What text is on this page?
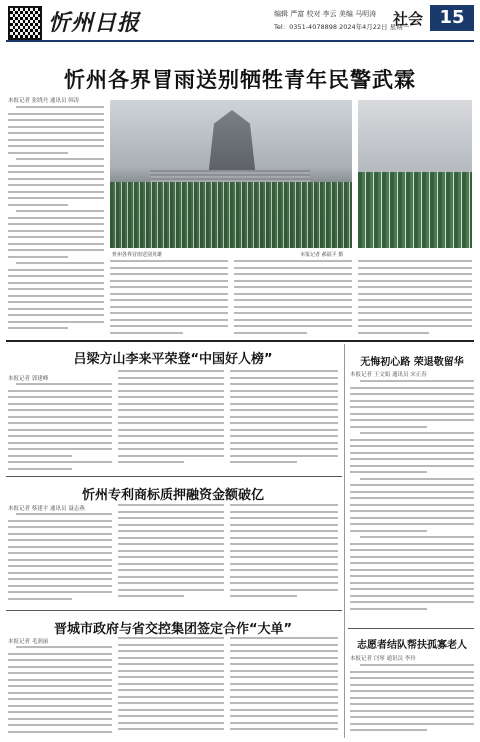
忻州日报	编辑 严富 校对 李云 美编 马明涛
Tel：0351-4078898 2024年4月22日 星期一
社会 15
忻州各界冒雨送别牺牲青年民警武霖
本报记者 张晓丹 通讯员 韩涛
忻州各界冒雨送别英雄	本报记者 郝福平 摄
吕梁方山李来平荣登“中国好人榜”
本报记者 郭建峰
无悔初心路 荣退敬留华
本报记者 王文娟 通讯员 宋正春
志愿者结队帮扶孤寡老人
本报记者 闫琴 通讯员 李玲
忻州专利商标质押融资金额破亿
本报记者 蔡建平 通讯员 聂志燕
晋城市政府与省交控集团签定合作“大单”
本报记者 毛润丽
